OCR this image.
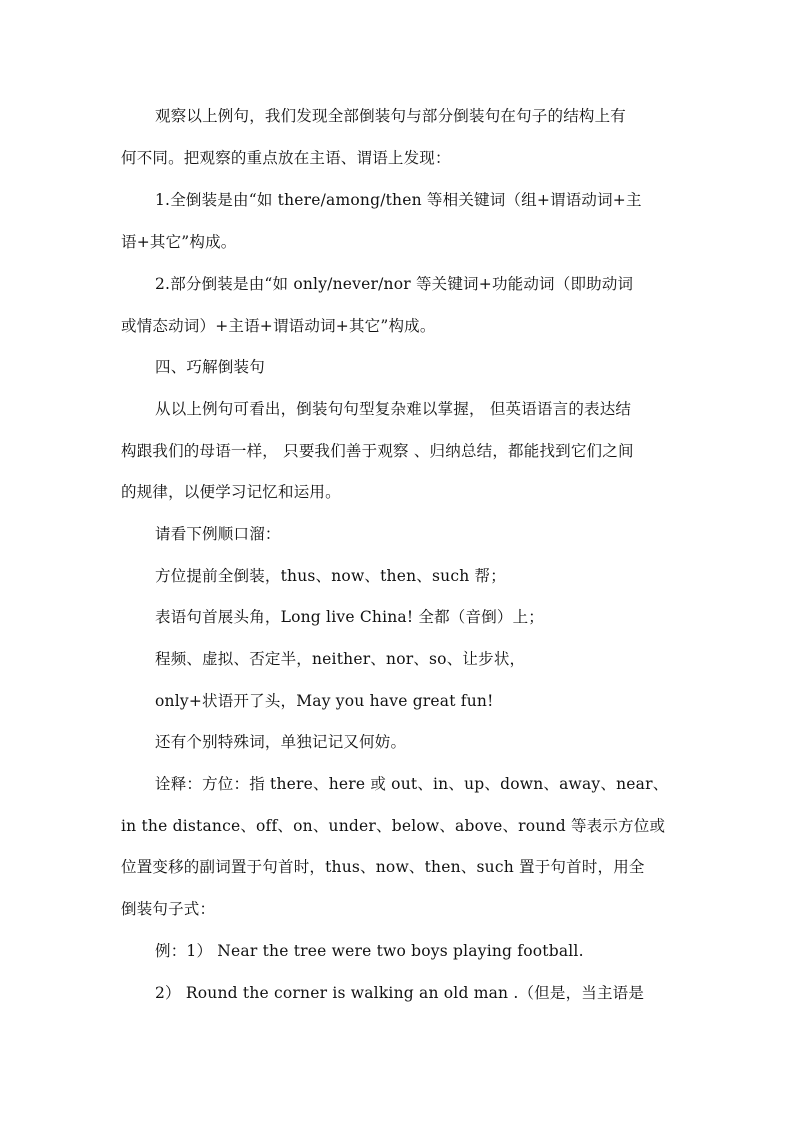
观察以上例句，我们发现全部倒装句与部分倒装句在句子的结构上有
何不同。把观察的重点放在主语、谓语上发现：
1.全倒装是由“如 there/among/then 等相关键词（组+谓语动词+主
语+其它”构成。
2.部分倒装是由“如 only/never/nor 等关键词+功能动词（即助动词
或情态动词）+主语+谓语动词+其它”构成。
四、巧解倒装句
从以上例句可看出，倒装句句型复杂难以掌握， 但英语语言的表达结
构跟我们的母语一样， 只要我们善于观察 、归纳总结，都能找到它们之间
的规律，以便学习记忆和运用。
请看下例顺口溜：
方位提前全倒装，thus、now、then、such 帮；
表语句首展头角，Long live China! 全都（音倒）上；
程频、虚拟、否定半，neither、nor、so、让步状，
only+状语开了头，May you have great fun!
还有个别特殊词，单独记记又何妨。
诠释：方位：指 there、here 或 out、in、up、down、away、near、
in the distance、off、on、under、below、above、round 等表示方位或
位置变移的副词置于句首时，thus、now、then、such 置于句首时，用全
倒装句子式：
例：1） Near the tree were two boys playing football.
2） Round the corner is walking an old man .（但是，当主语是
